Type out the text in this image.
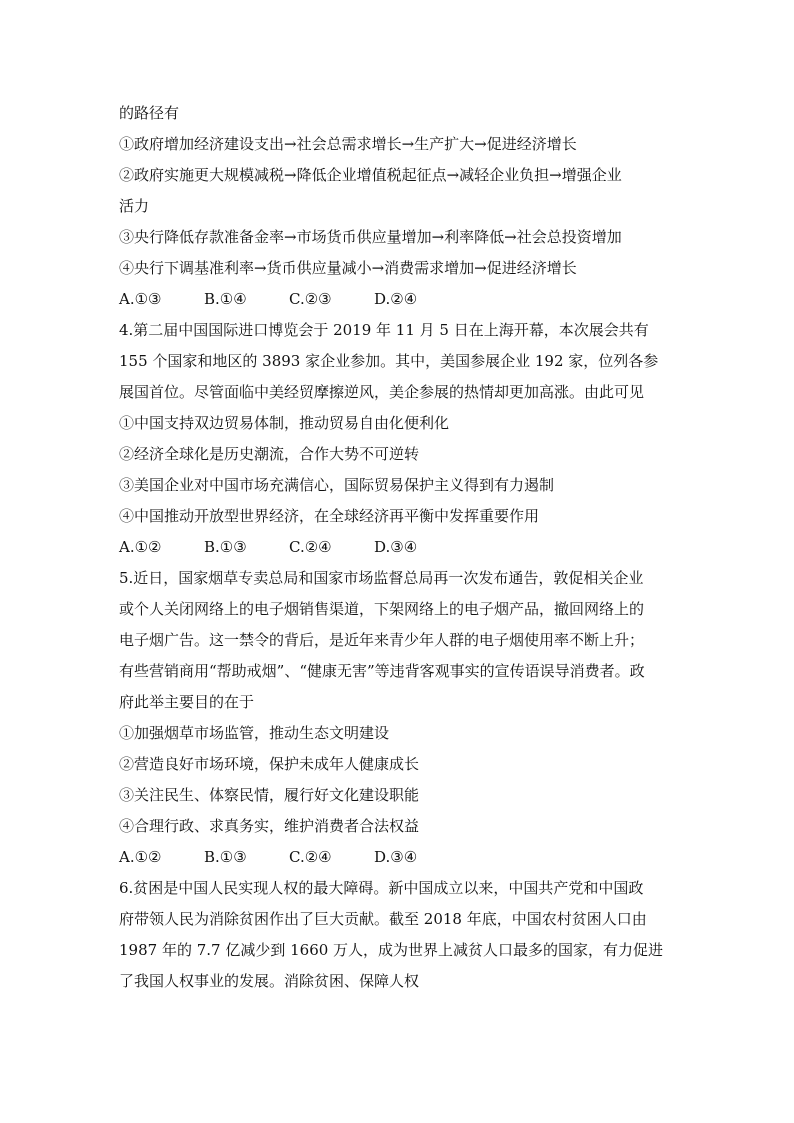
的路径有
①政府增加经济建设支出→社会总需求增长→生产扩大→促进经济增长
②政府实施更大规模减税→降低企业增值税起征点→减轻企业负担→增强企业
活力
③央行降低存款准备金率→市场货币供应量增加→利率降低→社会总投资增加
④央行下调基准利率→货币供应量减小→消费需求增加→促进经济增长
A.①③	B.①④	C.②③	D.②④
4.第二届中国国际进口博览会于 2019 年 11 月 5 日在上海开幕，本次展会共有
155 个国家和地区的 3893 家企业参加。其中，美国参展企业 192 家，位列各参
展国首位。尽管面临中美经贸摩擦逆风，美企参展的热情却更加高涨。由此可见
①中国支持双边贸易体制，推动贸易自由化便利化
②经济全球化是历史潮流，合作大势不可逆转
③美国企业对中国市场充满信心，国际贸易保护主义得到有力遏制
④中国推动开放型世界经济，在全球经济再平衡中发挥重要作用
A.①②	B.①③	C.②④	D.③④
5.近日，国家烟草专卖总局和国家市场监督总局再一次发布通告，敦促相关企业
或个人关闭网络上的电子烟销售渠道，下架网络上的电子烟产品，撤回网络上的
电子烟广告。这一禁令的背后，是近年来青少年人群的电子烟使用率不断上升；
有些营销商用“帮助戒烟”、“健康无害”等违背客观事实的宣传语误导消费者。政
府此举主要目的在于
①加强烟草市场监管，推动生态文明建设
②营造良好市场环境，保护未成年人健康成长
③关注民生、体察民情，履行好文化建设职能
④合理行政、求真务实，维护消费者合法权益
A.①②	B.①③	C.②④	D.③④
6.贫困是中国人民实现人权的最大障碍。新中国成立以来，中国共产党和中国政
府带领人民为消除贫困作出了巨大贡献。截至 2018 年底，中国农村贫困人口由
1987 年的 7.7 亿减少到 1660 万人，成为世界上减贫人口最多的国家，有力促进
了我国人权事业的发展。消除贫困、保障人权
